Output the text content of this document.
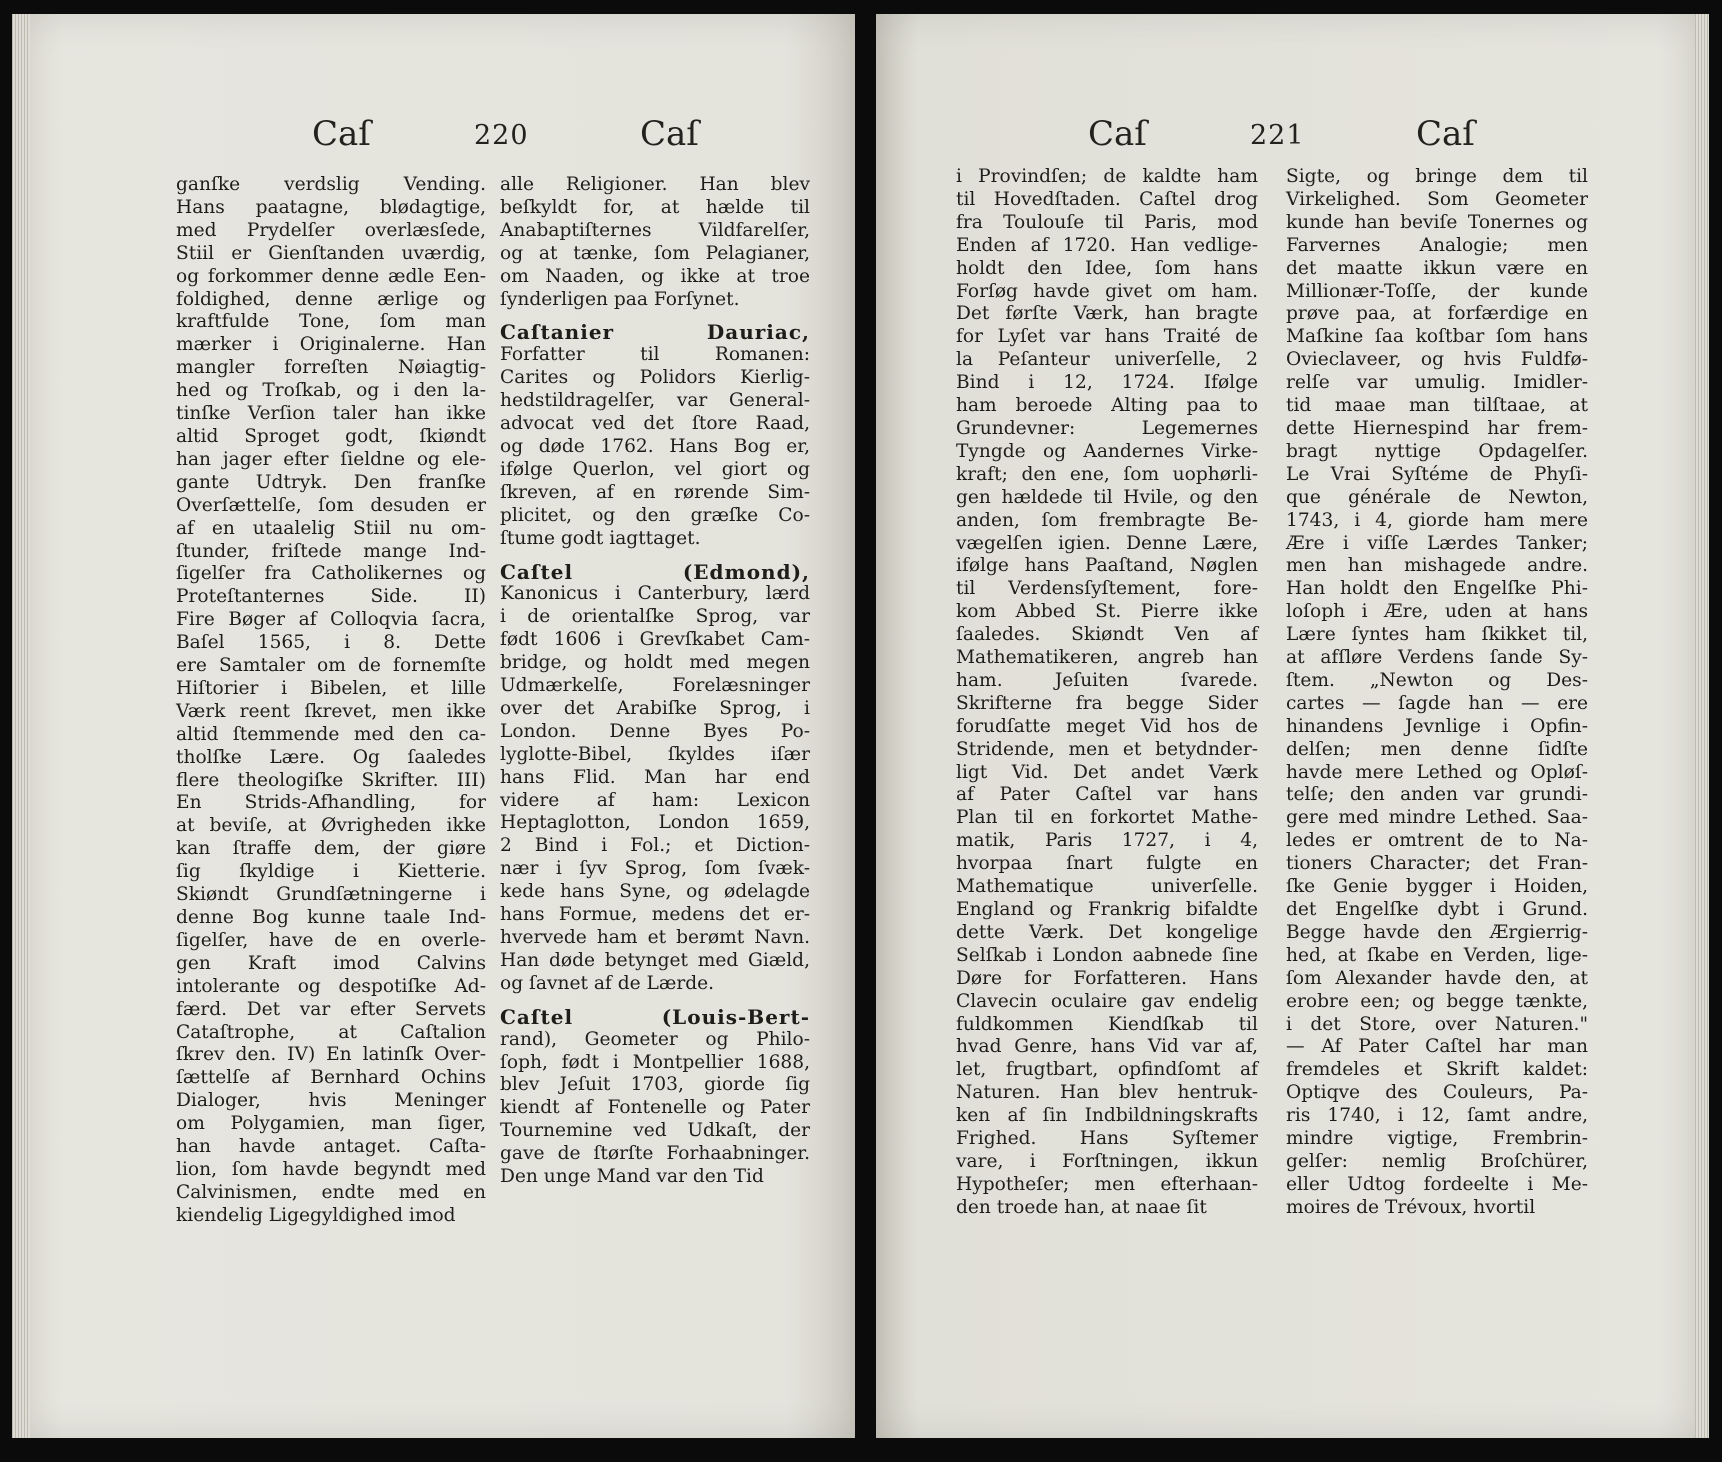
Caſ	220	Caſ
ganſke verdslig Vending.
Hans paatagne, blødagtige,
med Prydelſer overlæsſede,
Stiil er Gienſtanden uværdig,
og forkommer denne ædle Een-
foldighed, denne ærlige og
kraftfulde Tone, ſom man
mærker i Originalerne. Han
mangler forreſten Nøiagtig-
hed og Troſkab, og i den la-
tinſke Verſion taler han ikke
altid Sproget godt, ſkiøndt
han jager efter ſieldne og ele-
gante Udtryk. Den franſke
Overſættelſe, ſom desuden er
af en utaalelig Stiil nu om-
ſtunder, friſtede mange Ind-
ſigelſer fra Catholikernes og
Proteſtanternes Side. II)
Fire Bøger af Colloqvia ſacra,
Baſel 1565, i 8. Dette
ere Samtaler om de fornemſte
Hiſtorier i Bibelen, et lille
Værk reent ſkrevet, men ikke
altid ſtemmende med den ca-
tholſke Lære. Og ſaaledes
flere theologiſke Skrifter. III)
En Strids-Afhandling, for
at beviſe, at Øvrigheden ikke
kan ſtraffe dem, der giøre
ſig ſkyldige i Kietterie.
Skiøndt Grundſætningerne i
denne Bog kunne taale Ind-
ſigelſer, have de en overle-
gen Kraft imod Calvins
intolerante og despotiſke Ad-
færd. Det var efter Servets
Cataſtrophe, at Caſtalion
ſkrev den. IV) En latinſk Over-
ſættelſe af Bernhard Ochins
Dialoger, hvis Meninger
om Polygamien, man ſiger,
han havde antaget. Caſta-
lion, ſom havde begyndt med
Calvinismen, endte med en
kiendelig Ligegyldighed imod
alle Religioner. Han blev
beſkyldt for, at hælde til
Anabaptiſternes Vildfarelſer,
og at tænke, ſom Pelagianer,
om Naaden, og ikke at troe
ſynderligen paa Forſynet.
Caſtanier Dauriac,
Forfatter til Romanen:
Carites og Polidors Kierlig-
hedstildragelſer, var General-
advocat ved det ſtore Raad,
og døde 1762. Hans Bog er,
ifølge Querlon, vel giort og
ſkreven, af en rørende Sim-
plicitet, og den græſke Co-
ſtume godt iagttaget.
Caſtel (Edmond),
Kanonicus i Canterbury, lærd
i de orientalſke Sprog, var
født 1606 i Grevſkabet Cam-
bridge, og holdt med megen
Udmærkelſe, Forelæsninger
over det Arabiſke Sprog, i
London. Denne Byes Po-
lyglotte-Bibel, ſkyldes iſær
hans Flid. Man har end
videre af ham: Lexicon
Heptaglotton, London 1659,
2 Bind i Fol.; et Diction-
nær i ſyv Sprog, ſom ſvæk-
kede hans Syne, og ødelagde
hans Formue, medens det er-
hvervede ham et berømt Navn.
Han døde betynget med Giæld,
og ſavnet af de Lærde.
Caſtel (Louis-Bert-
rand), Geometer og Philo-
ſoph, født i Montpellier 1688,
blev Jeſuit 1703, giorde ſig
kiendt af Fontenelle og Pater
Tournemine ved Udkaſt, der
gave de ſtørſte Forhaabninger.
Den unge Mand var den Tid
Caſ	221	Caſ
i Provindſen; de kaldte ham
til Hovedſtaden. Caſtel drog
fra Toulouſe til Paris, mod
Enden af 1720. Han vedlige-
holdt den Idee, ſom hans
Forſøg havde givet om ham.
Det førſte Værk, han bragte
for Lyſet var hans Traité de
la Peſanteur univerſelle, 2
Bind i 12, 1724. Ifølge
ham beroede Alting paa to
Grundevner: Legemernes
Tyngde og Aandernes Virke-
kraft; den ene, ſom uophørli-
gen hældede til Hvile, og den
anden, ſom frembragte Be-
vægelſen igien. Denne Lære,
ifølge hans Paaſtand, Nøglen
til Verdensſyſtement, fore-
kom Abbed St. Pierre ikke
ſaaledes. Skiøndt Ven af
Mathematikeren, angreb han
ham. Jeſuiten ſvarede.
Skrifterne fra begge Sider
forudſatte meget Vid hos de
Stridende, men et betydnder-
ligt Vid. Det andet Værk
af Pater Caſtel var hans
Plan til en forkortet Mathe-
matik, Paris 1727, i 4,
hvorpaa ſnart fulgte en
Mathematique univerſelle.
England og Frankrig bifaldte
dette Værk. Det kongelige
Selſkab i London aabnede ſine
Døre for Forfatteren. Hans
Clavecin oculaire gav endelig
fuldkommen Kiendſkab til
hvad Genre, hans Vid var af,
let, frugtbart, opfindſomt af
Naturen. Han blev hentruk-
ken af ſin Indbildningskrafts
Frighed. Hans Syſtemer
vare, i Forſtningen, ikkun
Hypotheſer; men efterhaan-
den troede han, at naae ſit
Sigte, og bringe dem til
Virkelighed. Som Geometer
kunde han beviſe Tonernes og
Farvernes Analogie; men
det maatte ikkun være en
Millionær-Toſſe, der kunde
prøve paa, at forfærdige en
Maſkine ſaa koſtbar ſom hans
Ovieclaveer, og hvis Fuldfø-
relſe var umulig. Imidler-
tid maae man tilſtaae, at
dette Hiernespind har frem-
bragt nyttige Opdagelſer.
Le Vrai Syſtéme de Phyſi-
que générale de Newton,
1743, i 4, giorde ham mere
Ære i viſſe Lærdes Tanker;
men han mishagede andre.
Han holdt den Engelſke Phi-
loſoph i Ære, uden at hans
Lære ſyntes ham ſkikket til,
at afſløre Verdens ſande Sy-
ſtem. „Newton og Des-
cartes — ſagde han — ere
hinandens Jevnlige i Opfin-
delſen; men denne ſidſte
havde mere Lethed og Opløſ-
telſe; den anden var grundi-
gere med mindre Lethed. Saa-
ledes er omtrent de to Na-
tioners Character; det Fran-
ſke Genie bygger i Hoiden,
det Engelſke dybt i Grund.
Begge havde den Ærgierrig-
hed, at ſkabe en Verden, lige-
ſom Alexander havde den, at
erobre een; og begge tænkte,
i det Store, over Naturen."
— Af Pater Caſtel har man
fremdeles et Skrift kaldet:
Optiqve des Couleurs, Pa-
ris 1740, i 12, ſamt andre,
mindre vigtige, Frembrin-
gelſer: nemlig Broſchürer,
eller Udtog fordeelte i Me-
moires de Trévoux, hvortil
